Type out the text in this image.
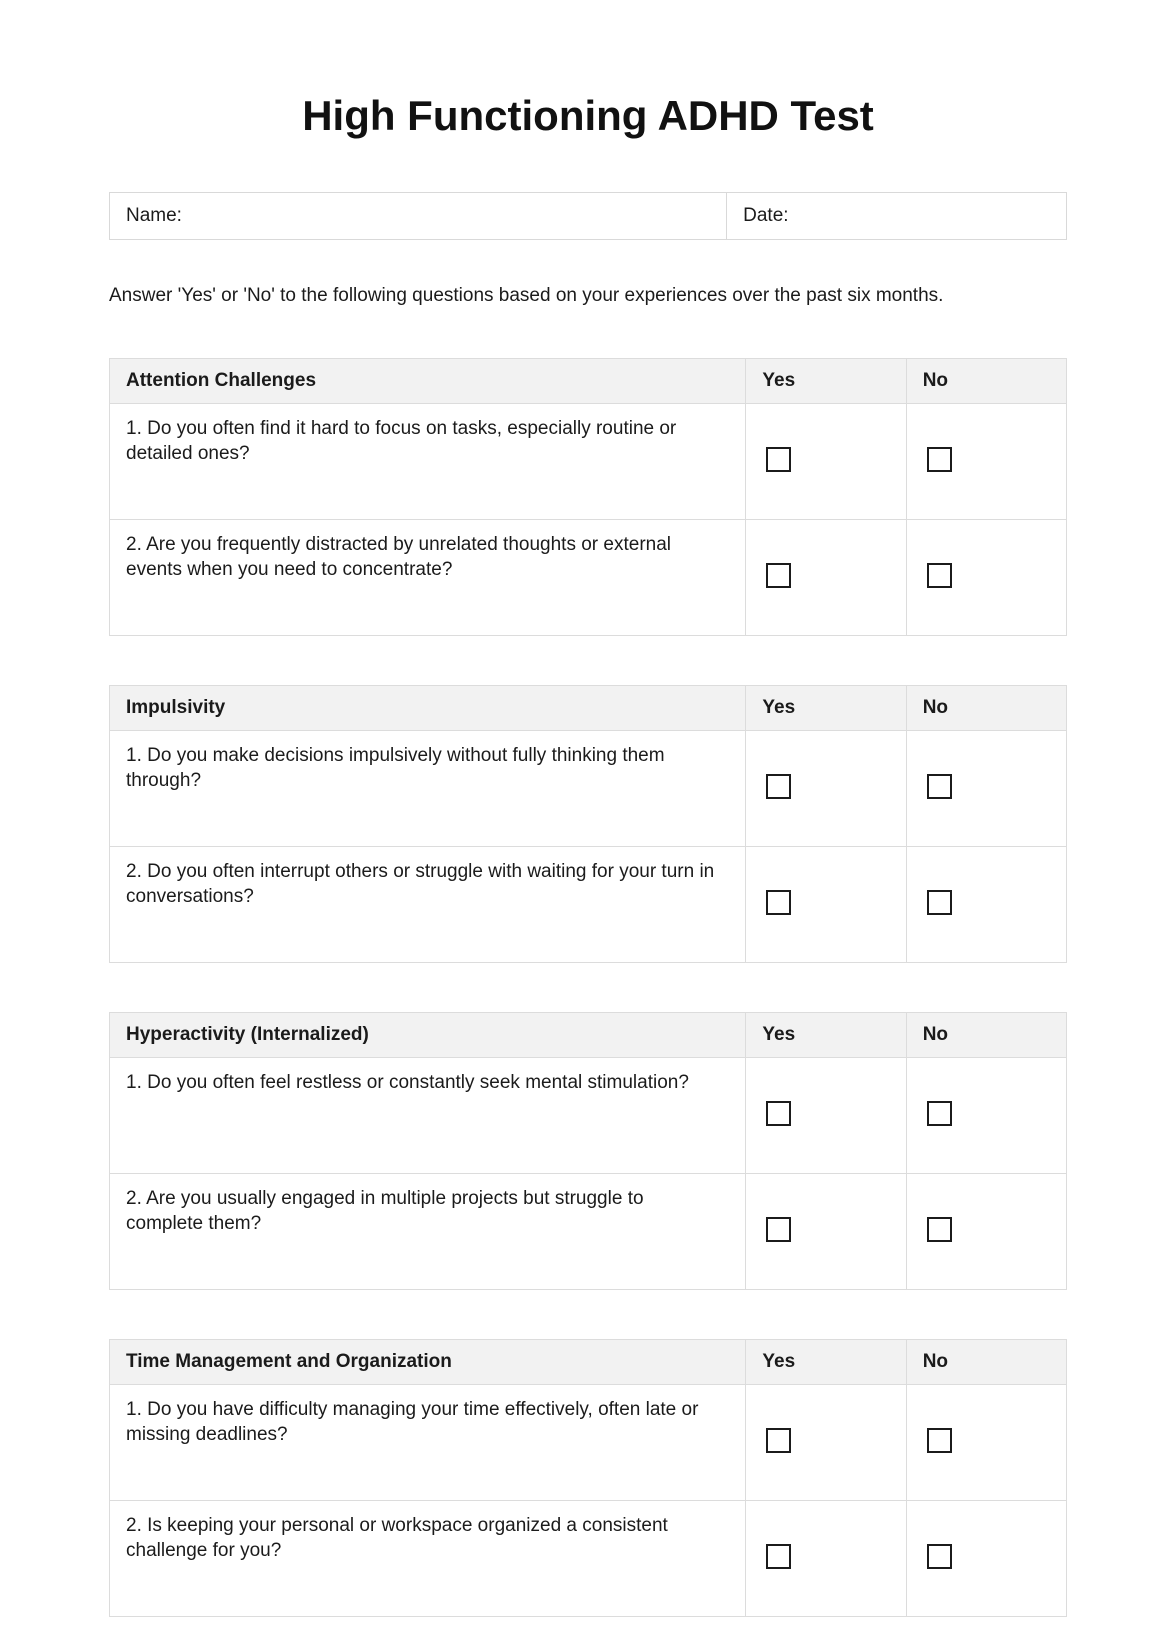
High Functioning ADHD Test
Name:	Date:

Answer 'Yes' or 'No' to the following questions based on your experiences over the past six months.

Attention Challenges	Yes	No
1. Do you often find it hard to focus on tasks, especially routine or detailed ones?		
2. Are you frequently distracted by unrelated thoughts or external events when you need to concentrate?		
Impulsivity	Yes	No
1. Do you make decisions impulsively without fully thinking them through?		
2. Do you often interrupt others or struggle with waiting for your turn in conversations?		
Hyperactivity (Internalized)	Yes	No
1. Do you often feel restless or constantly seek mental stimulation?		
2. Are you usually engaged in multiple projects but struggle to complete them?		
Time Management and Organization	Yes	No
1. Do you have difficulty managing your time effectively, often late or missing deadlines?		
2. Is keeping your personal or workspace organized a consistent challenge for you?		
